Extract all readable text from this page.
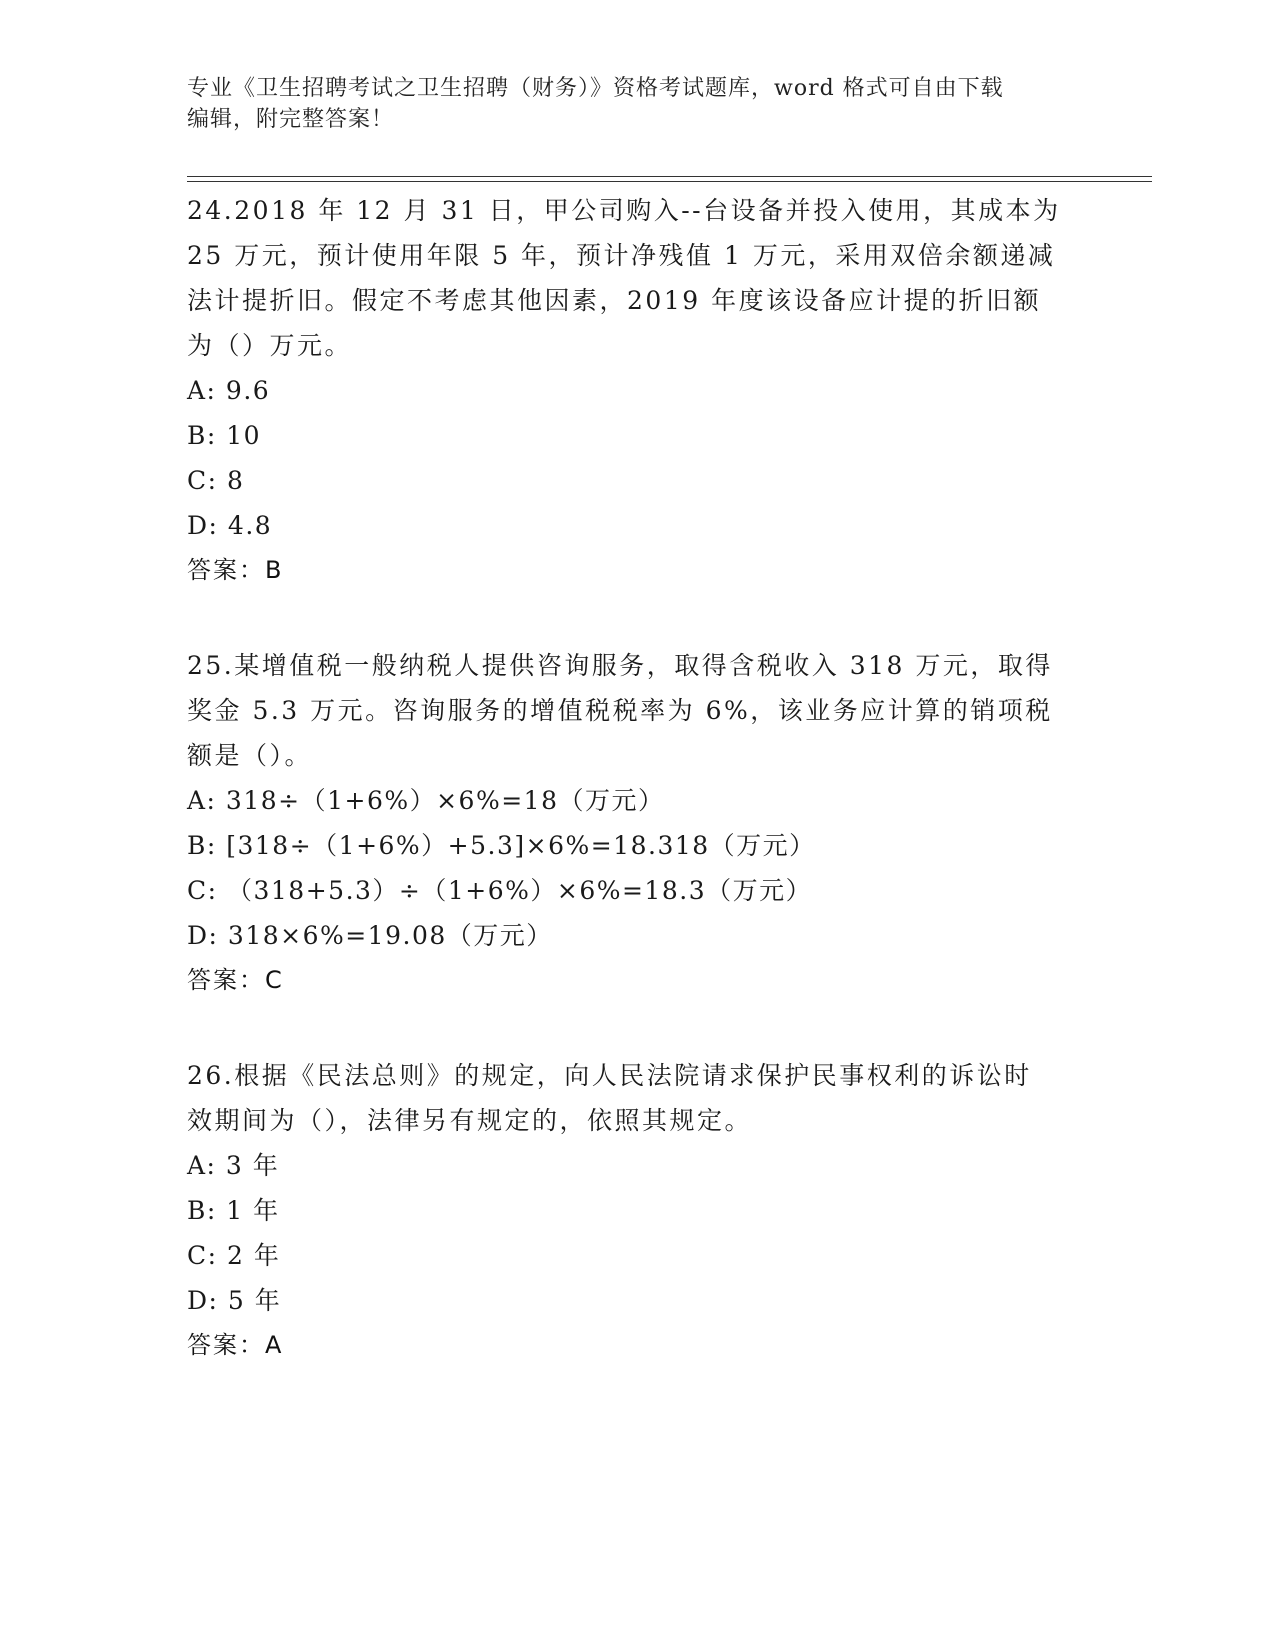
专业《卫生招聘考试之卫生招聘（财务）》资格考试题库，word 格式可自由下载
编辑，附完整答案！

24.2018 年 12 月 31 日，甲公司购入--台设备并投入使用，其成本为

25 万元，预计使用年限 5 年，预计净残值 1 万元，采用双倍余额递减

法计提折旧。假定不考虑其他因素，2019 年度该设备应计提的折旧额

为（）万元。

A: 9.6

B: 10

C: 8

D: 4.8

答案：B

25.某增值税一般纳税人提供咨询服务，取得含税收入 318 万元，取得

奖金 5.3 万元。咨询服务的增值税税率为 6%，该业务应计算的销项税

额是（）。

A: 318÷（1+6%）×6%=18（万元）

B: [318÷（1+6%）+5.3]×6%=18.318（万元）

C: （318+5.3）÷（1+6%）×6%=18.3（万元）

D: 318×6%=19.08（万元）

答案：C

26.根据《民法总则》的规定，向人民法院请求保护民事权利的诉讼时

效期间为（），法律另有规定的，依照其规定。

A: 3 年

B: 1 年

C: 2 年

D: 5 年

答案：A
